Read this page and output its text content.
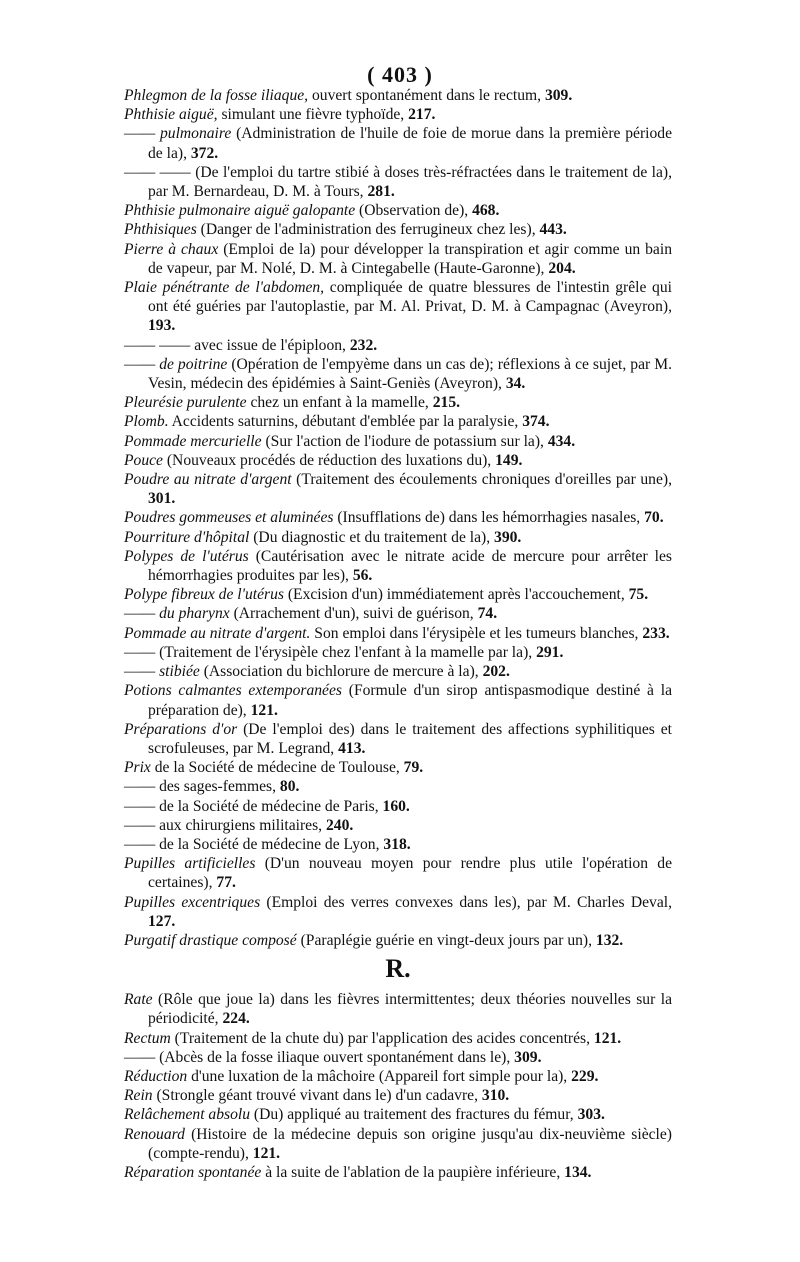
( 403 )

Phlegmon de la fosse iliaque, ouvert spontanément dans le rectum, 309.

Phthisie aiguë, simulant une fièvre typhoïde, 217.

—— pulmonaire (Administration de l'huile de foie de morue dans la première période de la), 372.

—— —— (De l'emploi du tartre stibié à doses très-réfractées dans le traitement de la), par M. Bernardeau, D. M. à Tours, 281.

Phthisie pulmonaire aiguë galopante (Observation de), 468.

Phthisiques (Danger de l'administration des ferrugineux chez les), 443.

Pierre à chaux (Emploi de la) pour développer la transpiration et agir comme un bain de vapeur, par M. Nolé, D. M. à Cintegabelle (Haute-Garonne), 204.

Plaie pénétrante de l'abdomen, compliquée de quatre blessures de l'intestin grêle qui ont été guéries par l'autoplastie, par M. Al. Privat, D. M. à Campagnac (Aveyron), 193.

—— —— avec issue de l'épiploon, 232.

—— de poitrine (Opération de l'empyème dans un cas de); réflexions à ce sujet, par M. Vesin, médecin des épidémies à Saint-Geniès (Aveyron), 34.

Pleurésie purulente chez un enfant à la mamelle, 215.

Plomb. Accidents saturnins, débutant d'emblée par la paralysie, 374.

Pommade mercurielle (Sur l'action de l'iodure de potassium sur la), 434.

Pouce (Nouveaux procédés de réduction des luxations du), 149.

Poudre au nitrate d'argent (Traitement des écoulements chroniques d'oreilles par une), 301.

Poudres gommeuses et aluminées (Insufflations de) dans les hémorrhagies nasales, 70.

Pourriture d'hôpital (Du diagnostic et du traitement de la), 390.

Polypes de l'utérus (Cautérisation avec le nitrate acide de mercure pour arrêter les hémorrhagies produites par les), 56.

Polype fibreux de l'utérus (Excision d'un) immédiatement après l'accouchement, 75.

—— du pharynx (Arrachement d'un), suivi de guérison, 74.

Pommade au nitrate d'argent. Son emploi dans l'érysipèle et les tumeurs blanches, 233.

—— (Traitement de l'érysipèle chez l'enfant à la mamelle par la), 291.

—— stibiée (Association du bichlorure de mercure à la), 202.

Potions calmantes extemporanées (Formule d'un sirop antispasmodique destiné à la préparation de), 121.

Préparations d'or (De l'emploi des) dans le traitement des affections syphilitiques et scrofuleuses, par M. Legrand, 413.

Prix de la Société de médecine de Toulouse, 79.

—— des sages-femmes, 80.

—— de la Société de médecine de Paris, 160.

—— aux chirurgiens militaires, 240.

—— de la Société de médecine de Lyon, 318.

Pupilles artificielles (D'un nouveau moyen pour rendre plus utile l'opération de certaines), 77.

Pupilles excentriques (Emploi des verres convexes dans les), par M. Charles Deval, 127.

Purgatif drastique composé (Paraplégie guérie en vingt-deux jours par un), 132.

R.

Rate (Rôle que joue la) dans les fièvres intermittentes; deux théories nouvelles sur la périodicité, 224.

Rectum (Traitement de la chute du) par l'application des acides concentrés, 121.

—— (Abcès de la fosse iliaque ouvert spontanément dans le), 309.

Réduction d'une luxation de la mâchoire (Appareil fort simple pour la), 229.

Rein (Strongle géant trouvé vivant dans le) d'un cadavre, 310.

Relâchement absolu (Du) appliqué au traitement des fractures du fémur, 303.

Renouard (Histoire de la médecine depuis son origine jusqu'au dix-neuvième siècle) (compte-rendu), 121.

Réparation spontanée à la suite de l'ablation de la paupière inférieure, 134.
